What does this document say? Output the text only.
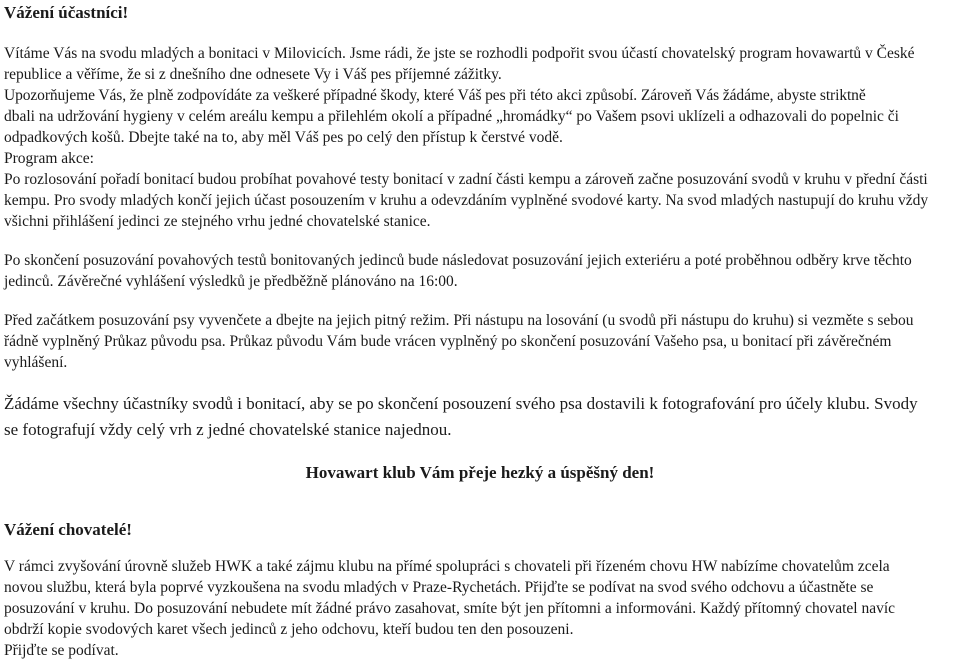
Vážení účastníci!

Vítáme Vás na svodu mladých a bonitaci v Milovicích. Jsme rádi, že jste se rozhodli podpořit svou účastí chovatelský program hovawartů v České

republice a věříme, že si z dnešního dne odnesete Vy i Váš pes příjemné zážitky.

Upozorňujeme Vás, že plně zodpovídáte za veškeré případné škody, které Váš pes při této akci způsobí. Zároveň Vás žádáme, abyste striktně

dbali na udržování hygieny v celém areálu kempu a přilehlém okolí a případné „hromádky“ po Vašem psovi uklízeli a odhazovali do popelnic či

odpadkových košů. Dbejte také na to, aby měl Váš pes po celý den přístup k čerstvé vodě.

Program akce:

Po rozlosování pořadí bonitací budou probíhat povahové testy bonitací v zadní části kempu a zároveň začne posuzování svodů v kruhu v přední části

kempu. Pro svody mladých končí jejich účast posouzením v kruhu a odevzdáním vyplněné svodové karty. Na svod mladých nastupují do kruhu vždy

všichni přihlášení jedinci ze stejného vrhu jedné chovatelské stanice.

Po skončení posuzování povahových testů bonitovaných jedinců bude následovat posuzování jejich exteriéru a poté proběhnou odběry krve těchto

jedinců. Závěrečné vyhlášení výsledků je předběžně plánováno na 16:00.

Před začátkem posuzování psy vyvenčete a dbejte na jejich pitný režim. Při nástupu na losování (u svodů při nástupu do kruhu) si vezměte s sebou

řádně vyplněný Průkaz původu psa. Průkaz původu Vám bude vrácen vyplněný po skončení posuzování Vašeho psa, u bonitací při závěrečném

vyhlášení.

Žádáme všechny účastníky svodů i bonitací, aby se po skončení posouzení svého psa dostavili k fotografování pro účely klubu. Svody

se fotografují vždy celý vrh z jedné chovatelské stanice najednou.

Hovawart klub Vám přeje hezký a úspěšný den!

Vážení chovatelé!

V rámci zvyšování úrovně služeb HWK a také zájmu klubu na přímé spolupráci s chovateli při řízeném chovu HW nabízíme chovatelům zcela

novou službu, která byla poprvé vyzkoušena na svodu mladých v Praze-Rychetách. Přijďte se podívat na svod svého odchovu a účastněte se

posuzování v kruhu. Do posuzování nebudete mít žádné právo zasahovat, smíte být jen přítomni a informováni. Každý přítomný chovatel navíc

obdrží kopie svodových karet všech jedinců z jeho odchovu, kteří budou ten den posouzeni.

Přijďte se podívat.
